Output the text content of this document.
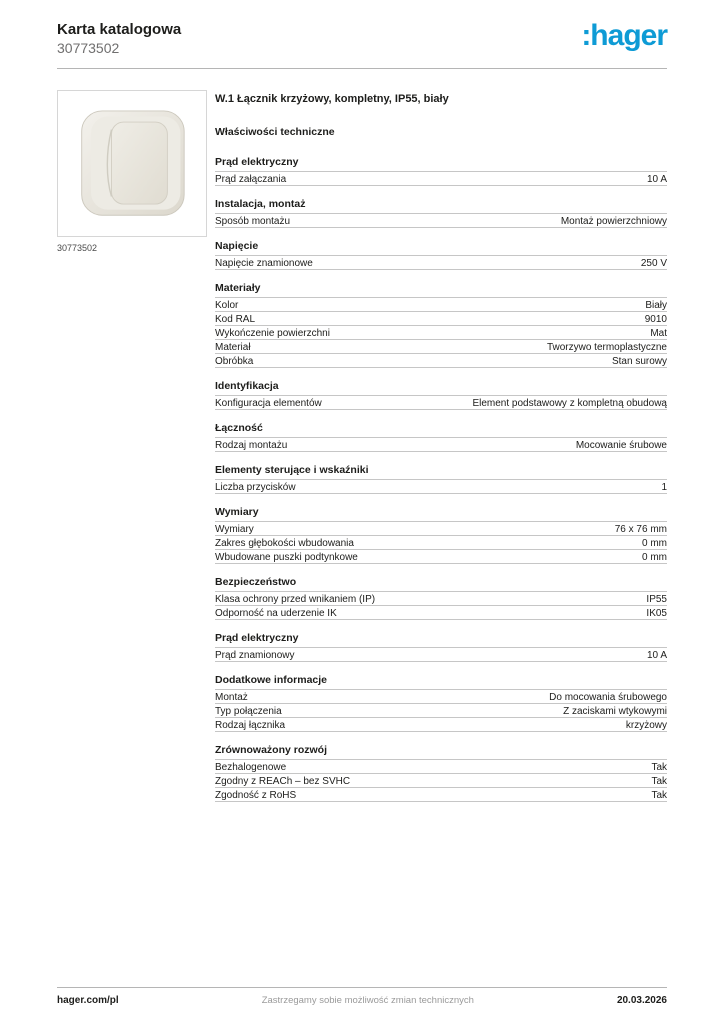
Karta katalogowa
30773502	:hager
30773502
W.1 Łącznik krzyżowy, kompletny, IP55, biały
Właściwości techniczne
Prąd elektryczny
Prąd załączania	10 A
Instalacja, montaż
Sposób montażu	Montaż powierzchniowy
Napięcie
Napięcie znamionowe	250 V
Materiały
Kolor	Biały
Kod RAL	9010
Wykończenie powierzchni	Mat
Materiał	Tworzywo termoplastyczne
Obróbka	Stan surowy
Identyfikacja
Konfiguracja elementów	Element podstawowy z kompletną obudową
Łączność
Rodzaj montażu	Mocowanie śrubowe
Elementy sterujące i wskaźniki
Liczba przycisków	1
Wymiary
Wymiary	76 x 76 mm
Zakres głębokości wbudowania	0 mm
Wbudowane puszki podtynkowe	0 mm
Bezpieczeństwo
Klasa ochrony przed wnikaniem (IP)	IP55
Odporność na uderzenie IK	IK05
Prąd elektryczny
Prąd znamionowy	10 A
Dodatkowe informacje
Montaż	Do mocowania śrubowego
Typ połączenia	Z zaciskami wtykowymi
Rodzaj łącznika	krzyżowy
Zrównoważony rozwój
Bezhalogenowe	Tak
Zgodny z REACh – bez SVHC	Tak
Zgodność z RoHS	Tak
hager.com/pl	Zastrzegamy sobie możliwość zmian technicznych	20.03.2026
